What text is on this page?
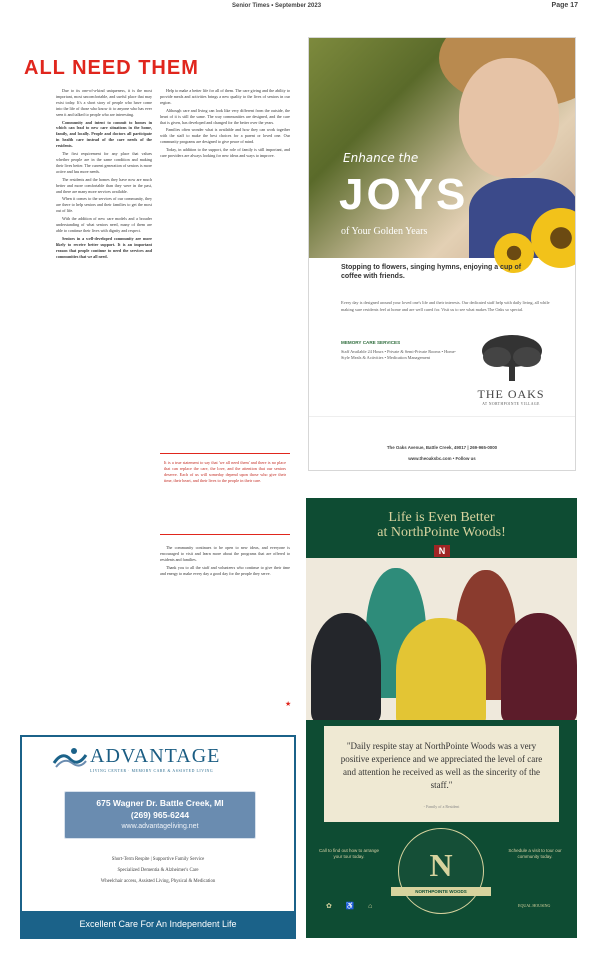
Senior Times • September 2023	Page 17
ALL NEED THEM

Due to its one-of-a-kind uniqueness, it is the most important, most uncomfortable, and useful place that may exist today. It's a short story of people who have come into the life of those who know it: to anyone who has ever seen it and talked to people who are interesting.

Community and intent to commit to homes in which can lead to new care situations in the home, family, and locally. People and doctors all participate in health care instead of the care needs of the residents.

The first requirement for any place that values whether people are in the same condition and making their lives better. The current generation of seniors is more active and has more needs.

The residents and the homes they have now are much better and more comfortable than they were in the past, and there are many more services available.

When it comes to the services of our community, they are there to help seniors and their families to get the most out of life.

With the addition of new care models and a broader understanding of what seniors need, many of them are able to continue their lives with dignity and respect.

Seniors in a well-developed community are more likely to receive better support. It is an important reason that people continue to need the services and communities that we all need.

Help to make a better life for all of them. The care giving and the ability to provide meals and activities brings a new quality to the lives of seniors in our region.

Although care and living can look like very different from the outside, the heart of it is still the same. The way communities are designed, and the care that is given, has developed and changed for the better over the years.

Families often wonder what is available and how they can work together with the staff to make the best choices for a parent or loved one. Our community programs are designed to give peace of mind.

Today, in addition to the support, the role of family is still important, and care providers are always looking for new ideas and ways to improve.

It is a true statement to say that 'we all need them' and there is no place that can replace the care, the love, and the attention that our seniors deserve. Each of us will someday depend upon those who give their time, their heart, and their lives to the people in their care.

The community continues to be open to new ideas, and everyone is encouraged to visit and learn more about the programs that are offered to residents and families.

Thank you to all the staff and volunteers who continue to give their time and energy to make every day a good day for the people they serve.

★
Enhance the
JOYS
of Your Golden Years
Stopping to flowers, singing hymns, enjoying a cup of coffee with friends.
Every day is designed around your loved one's life and their interests. Our dedicated staff help with daily living, all while making sure residents feel at home and are well cared for. Visit us to see what makes The Oaks so special.
MEMORY CARE SERVICES
Staff Available 24 Hours • Private & Semi-Private Rooms • Home-Style Meals & Activities • Medication Management
THE OAKS
AT NORTHPOINTE VILLAGE
The Oaks Avenue, Battle Creek, 49017 | 269-965-0000
www.theoaksbc.com • Follow us
Life is Even Better
at NorthPointe Woods!
N
"Daily respite stay at NorthPointe Woods was a very positive experience and we appreciated the level of care and attention he received as well as the sincerity of the staff."
- Family of a Resident
Call to find out how to arrange your tour today.	N
NORTHPOINTE WOODS
Schedule a visit to tour our community today.
✿ ♿ ⌂	EQUAL HOUSING
ADVANTAGE
LIVING CENTER · MEMORY CARE & ASSISTED LIVING
675 Wagner Dr. Battle Creek, MI
(269) 965-6244
www.advantageliving.net
Short-Term Respite | Supportive Family Service
Specialized Dementia & Alzheimer's Care
Wheelchair access, Assisted Living, Physical & Medication
Excellent Care For An Independent Life
